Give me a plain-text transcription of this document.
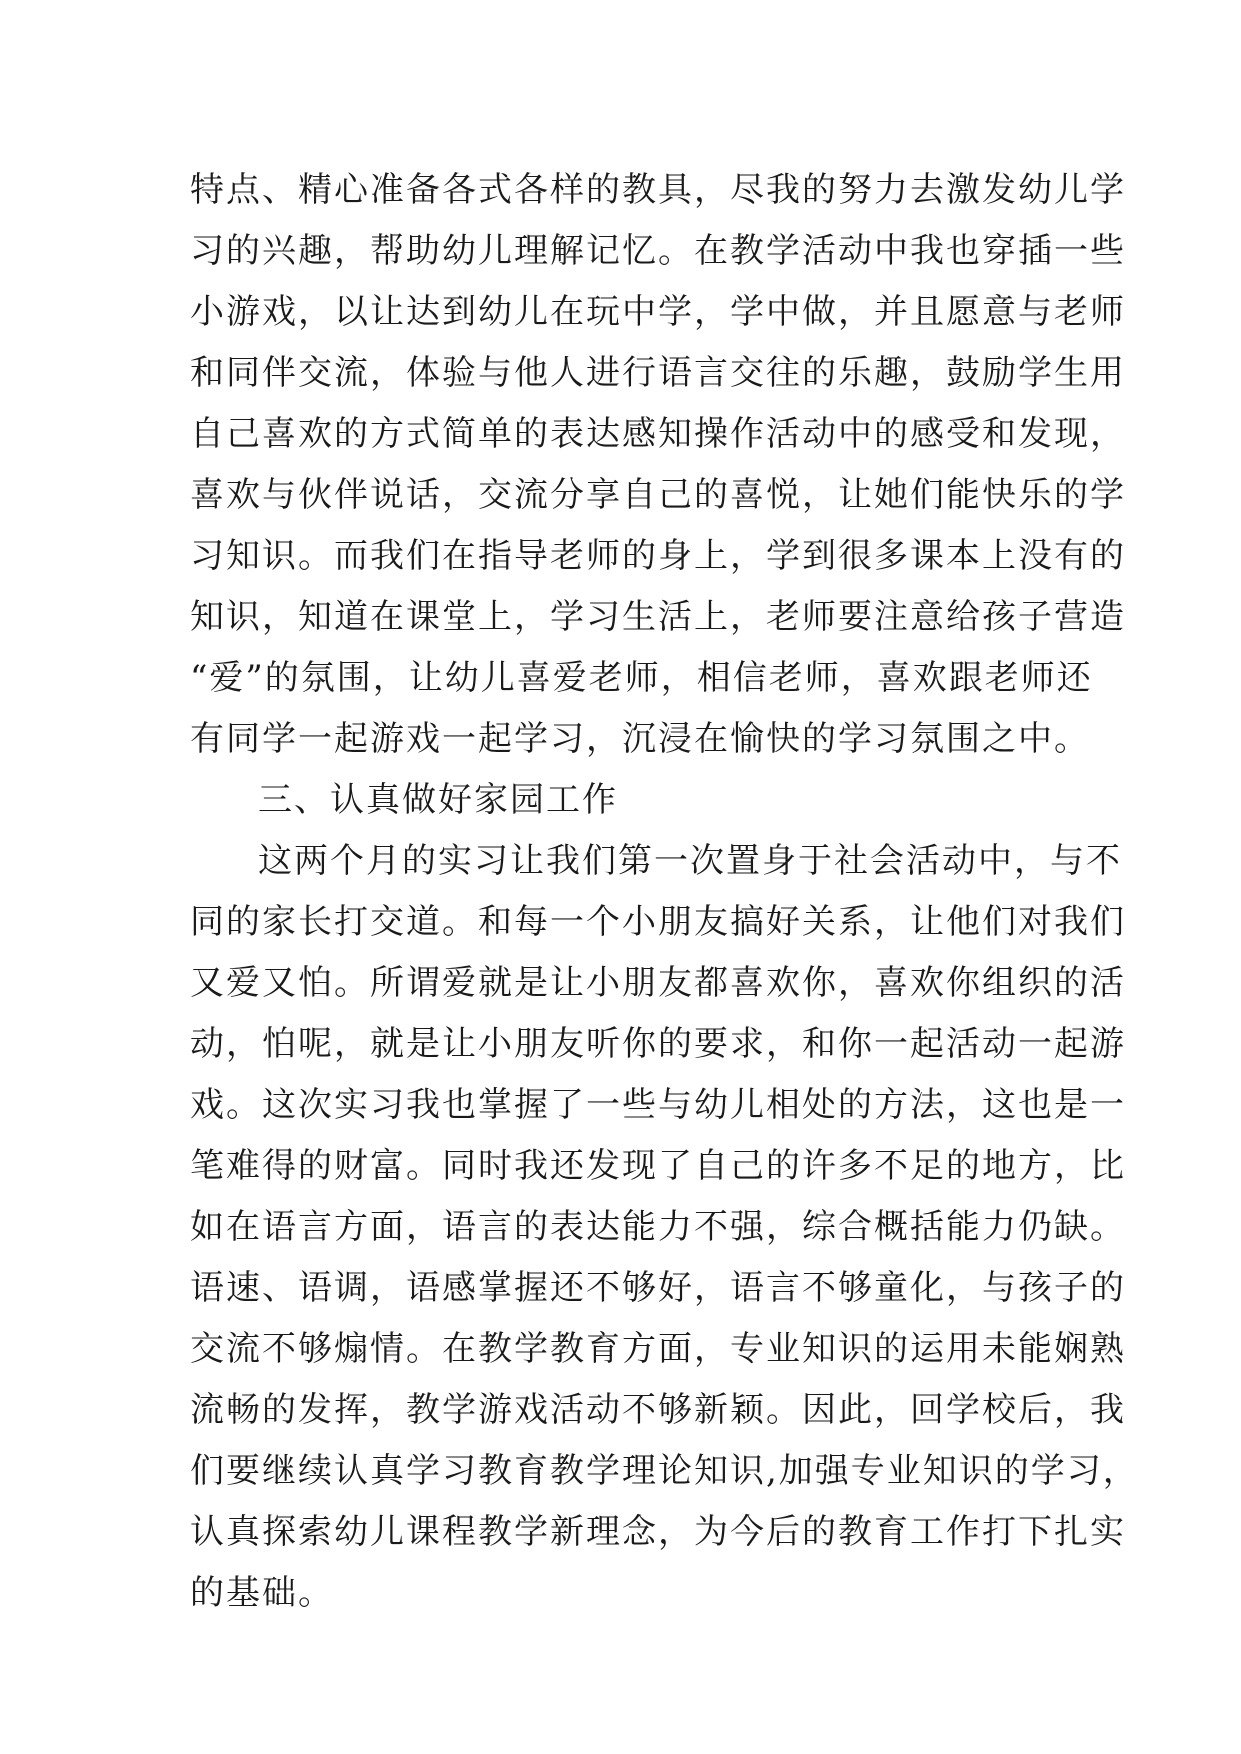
特点、精心准备各式各样的教具，尽我的努力去激发幼儿学
习的兴趣，帮助幼儿理解记忆。在教学活动中我也穿插一些
小游戏，以让达到幼儿在玩中学，学中做，并且愿意与老师
和同伴交流，体验与他人进行语言交往的乐趣，鼓励学生用
自己喜欢的方式简单的表达感知操作活动中的感受和发现，
喜欢与伙伴说话，交流分享自己的喜悦，让她们能快乐的学
习知识。而我们在指导老师的身上，学到很多课本上没有的
知识，知道在课堂上，学习生活上，老师要注意给孩子营造
“爱”的氛围，让幼儿喜爱老师，相信老师，喜欢跟老师还
有同学一起游戏一起学习，沉浸在愉快的学习氛围之中。
三、认真做好家园工作
这两个月的实习让我们第一次置身于社会活动中，与不
同的家长打交道。和每一个小朋友搞好关系，让他们对我们
又爱又怕。所谓爱就是让小朋友都喜欢你，喜欢你组织的活
动，怕呢，就是让小朋友听你的要求，和你一起活动一起游
戏。这次实习我也掌握了一些与幼儿相处的方法，这也是一
笔难得的财富。同时我还发现了自己的许多不足的地方，比
如在语言方面，语言的表达能力不强，综合概括能力仍缺。
语速、语调，语感掌握还不够好，语言不够童化，与孩子的
交流不够煽情。在教学教育方面，专业知识的运用未能娴熟
流畅的发挥，教学游戏活动不够新颖。因此，回学校后，我
们要继续认真学习教育教学理论知识,加强专业知识的学习，
认真探索幼儿课程教学新理念，为今后的教育工作打下扎实
的基础。
